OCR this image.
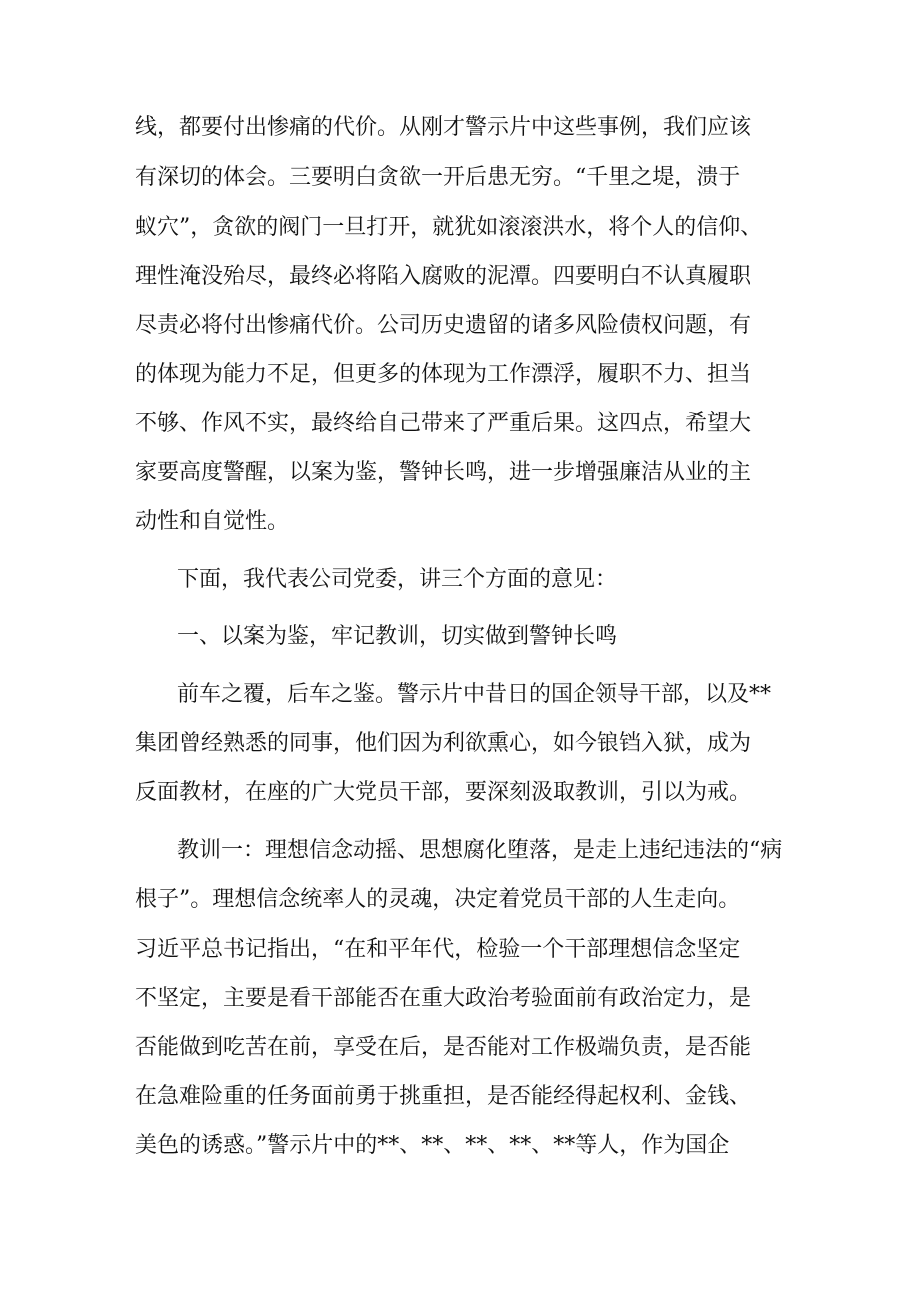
线，都要付出惨痛的代价。从刚才警示片中这些事例，我们应该
有深切的体会。三要明白贪欲一开后患无穷。“千里之堤，溃于
蚁穴”，贪欲的阀门一旦打开，就犹如滚滚洪水，将个人的信仰、
理性淹没殆尽，最终必将陷入腐败的泥潭。四要明白不认真履职
尽责必将付出惨痛代价。公司历史遗留的诸多风险债权问题，有
的体现为能力不足，但更多的体现为工作漂浮，履职不力、担当
不够、作风不实，最终给自己带来了严重后果。这四点，希望大
家要高度警醒，以案为鉴，警钟长鸣，进一步增强廉洁从业的主
动性和自觉性。
下面，我代表公司党委，讲三个方面的意见：
一、以案为鉴，牢记教训，切实做到警钟长鸣
前车之覆，后车之鉴。警示片中昔日的国企领导干部，以及**
集团曾经熟悉的同事，他们因为利欲熏心，如今锒铛入狱，成为
反面教材，在座的广大党员干部，要深刻汲取教训，引以为戒。
教训一：理想信念动摇、思想腐化堕落，是走上违纪违法的“病
根子”。理想信念统率人的灵魂，决定着党员干部的人生走向。
习近平总书记指出，“在和平年代，检验一个干部理想信念坚定
不坚定，主要是看干部能否在重大政治考验面前有政治定力，是
否能做到吃苦在前，享受在后，是否能对工作极端负责，是否能
在急难险重的任务面前勇于挑重担，是否能经得起权利、金钱、
美色的诱惑。”警示片中的**、**、**、**、**等人，作为国企
